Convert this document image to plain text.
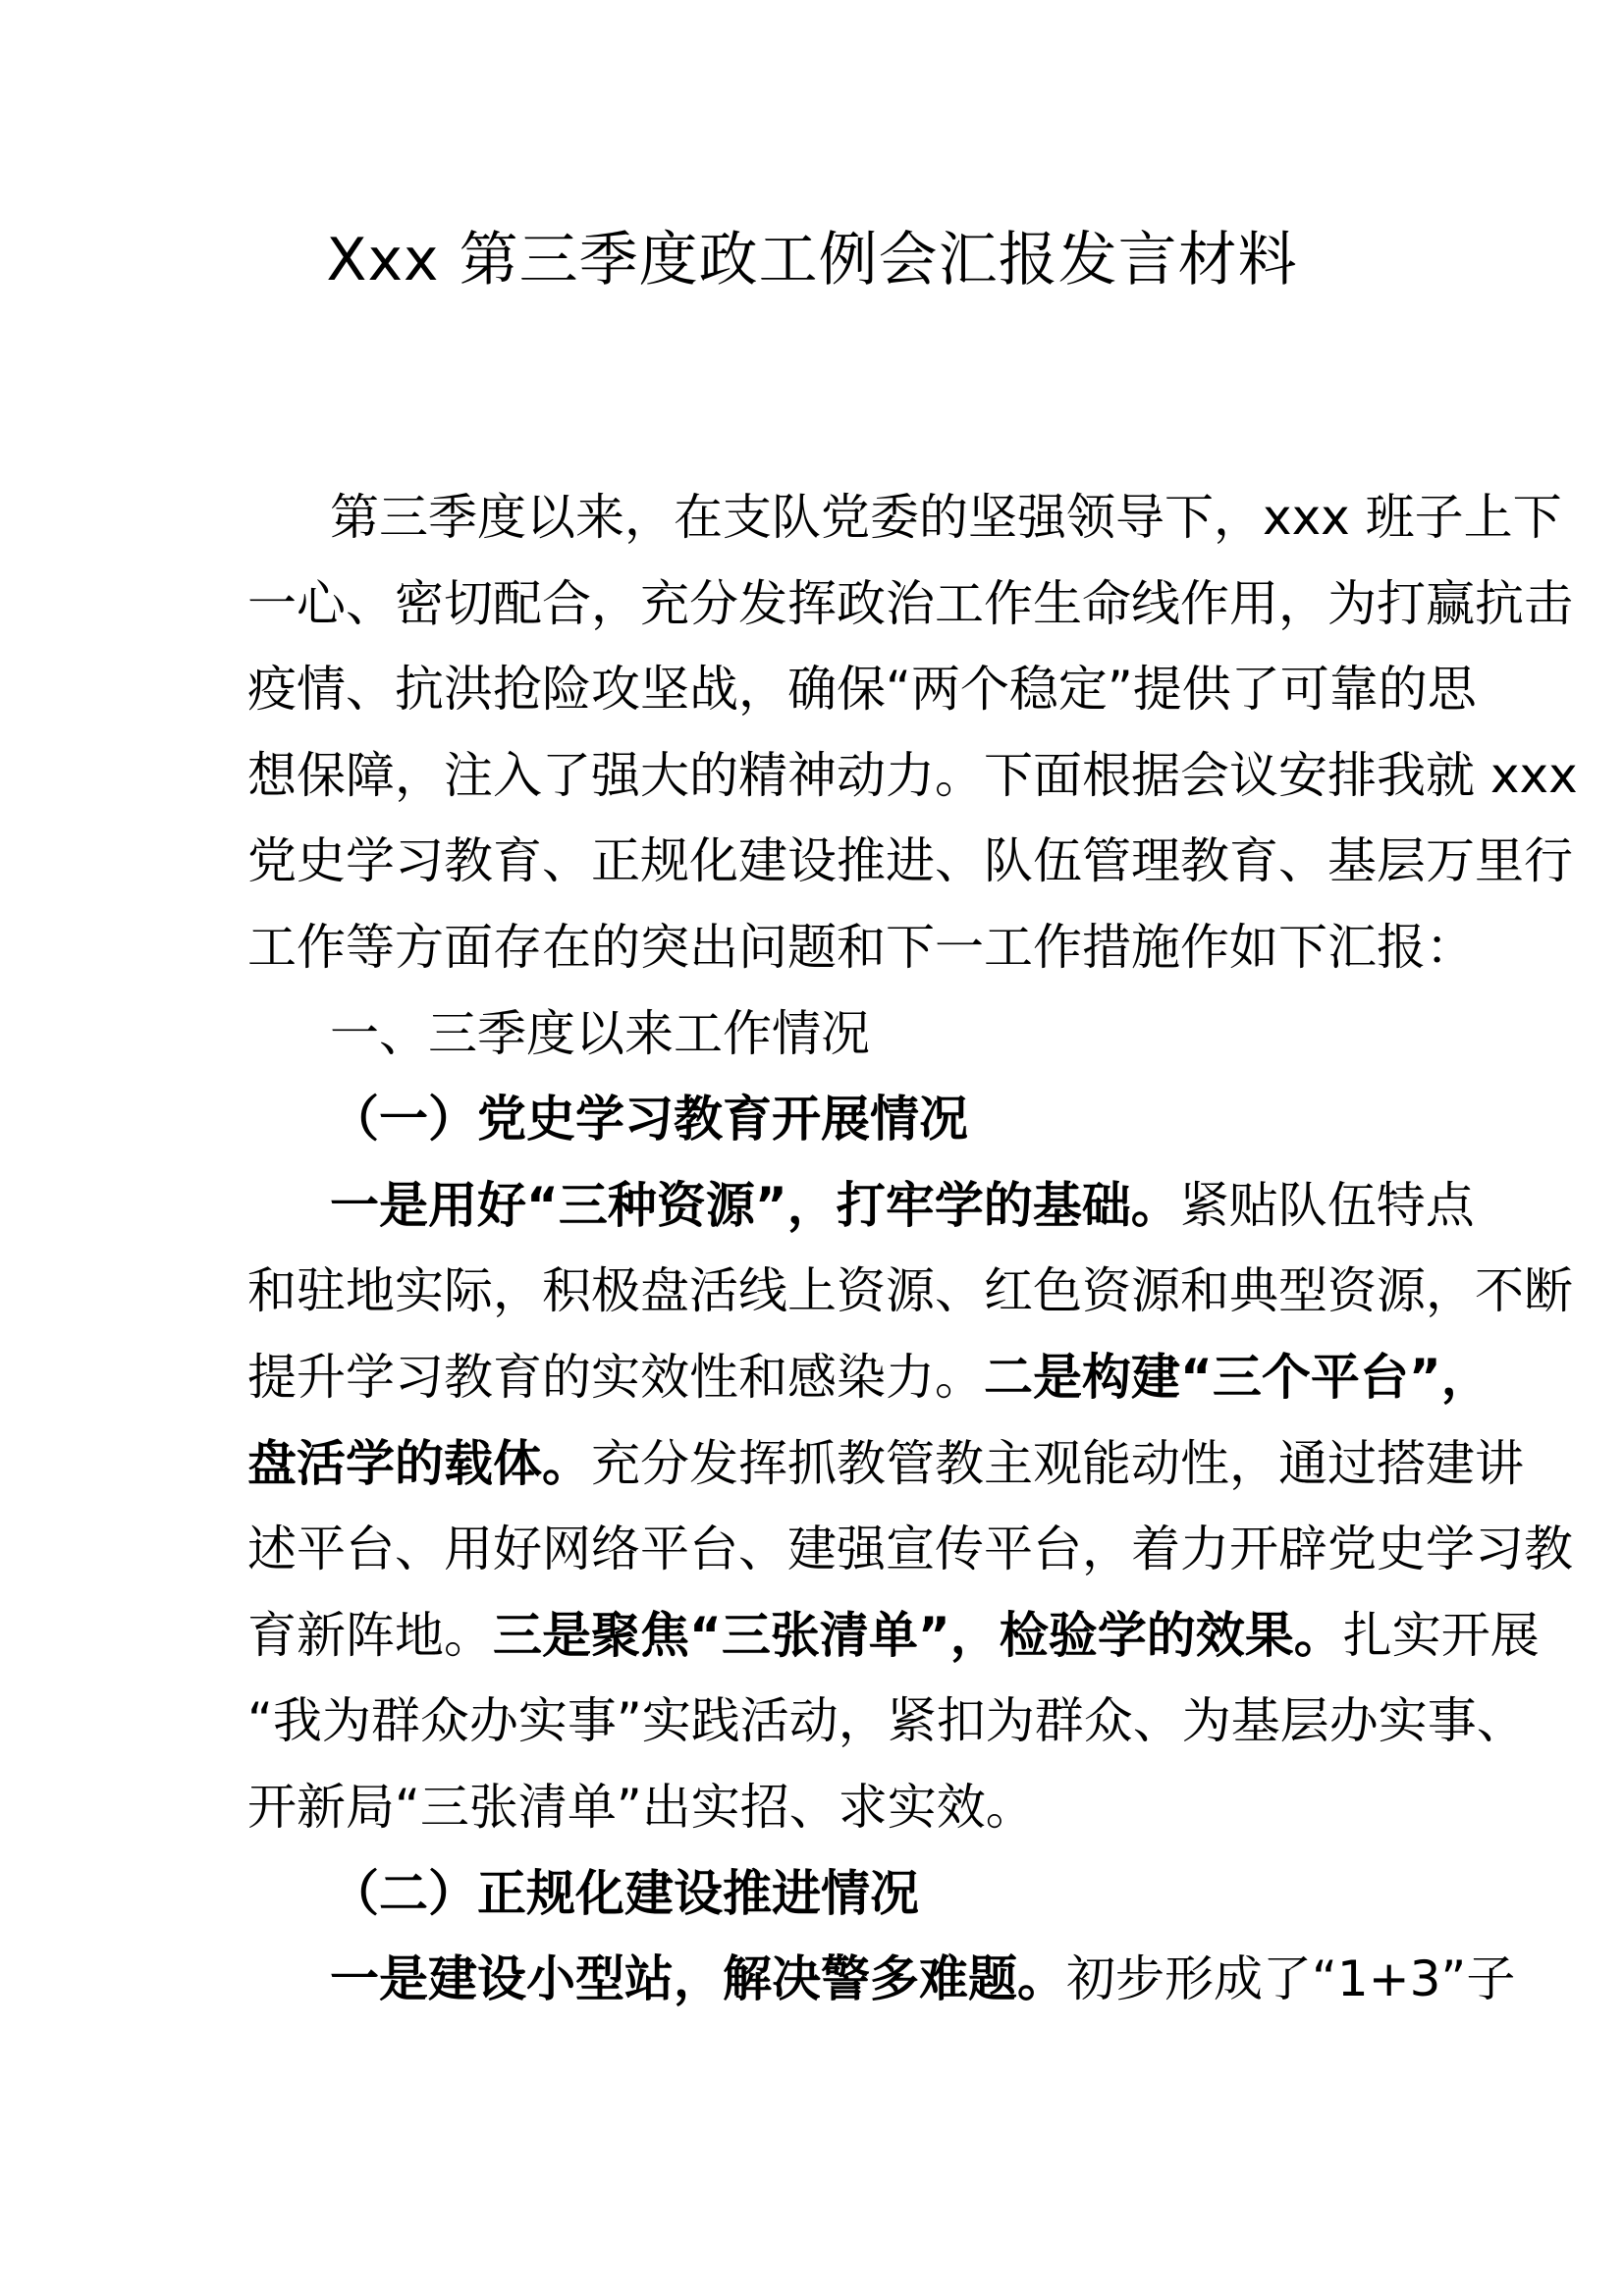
Xxx 第三季度政工例会汇报发言材料
第三季度以来，在支队党委的坚强领导下，xxx 班子上下
一心、密切配合，充分发挥政治工作生命线作用，为打赢抗击
疫情、抗洪抢险攻坚战，确保“两个稳定”提供了可靠的思
想保障，注入了强大的精神动力。下面根据会议安排我就 xxx
党史学习教育、正规化建设推进、队伍管理教育、基层万里行
工作等方面存在的突出问题和下一工作措施作如下汇报：
一、三季度以来工作情况
（一）党史学习教育开展情况
一是用好“三种资源”，打牢学的基础。紧贴队伍特点
和驻地实际，积极盘活线上资源、红色资源和典型资源，不断
提升学习教育的实效性和感染力。二是构建“三个平台”，
盘活学的载体。充分发挥抓教管教主观能动性，通过搭建讲
述平台、用好网络平台、建强宣传平台，着力开辟党史学习教
育新阵地。三是聚焦“三张清单”，检验学的效果。扎实开展
“我为群众办实事”实践活动，紧扣为群众、为基层办实事、
开新局“三张清单”出实招、求实效。
（二）正规化建设推进情况
一是建设小型站，解决警多难题。初步形成了“1+3”子
